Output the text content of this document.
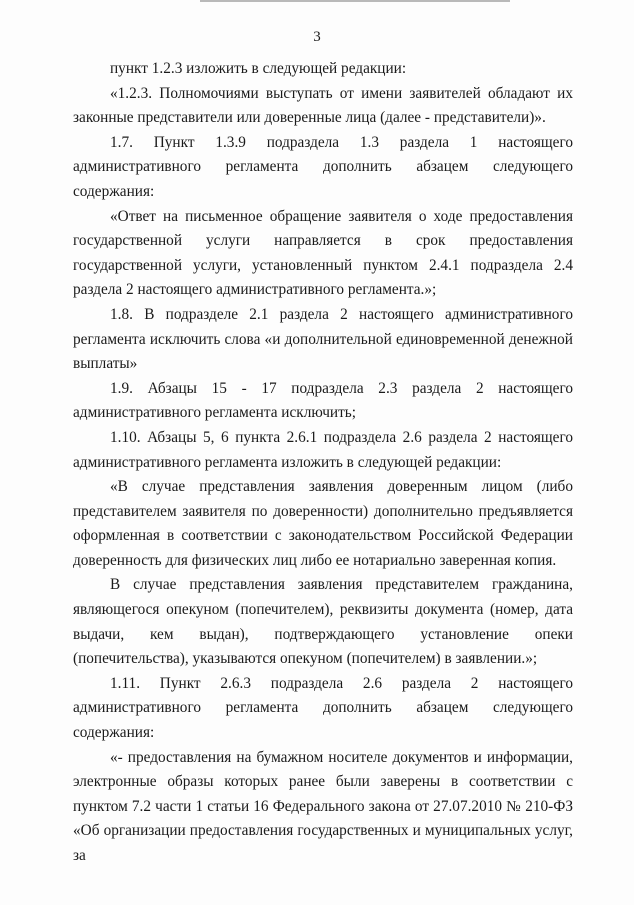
3

пункт 1.2.3 изложить в следующей редакции:

«1.2.3. Полномочиями выступать от имени заявителей обладают их законные представители или доверенные лица (далее - представители)».

1.7. Пункт 1.3.9 подраздела 1.3 раздела 1 настоящего административного регламента дополнить абзацем следующего содержания:

«Ответ на письменное обращение заявителя о ходе предоставления государственной услуги направляется в срок предоставления государственной услуги, установленный пунктом 2.4.1 подраздела 2.4 раздела 2 настоящего административного регламента.»;

1.8. В подразделе 2.1 раздела 2 настоящего административного регламента исключить слова «и дополнительной единовременной денежной выплаты»

1.9. Абзацы 15 - 17 подраздела 2.3 раздела 2 настоящего административного регламента исключить;

1.10. Абзацы 5, 6 пункта 2.6.1 подраздела 2.6 раздела 2 настоящего административного регламента изложить в следующей редакции:

«В случае представления заявления доверенным лицом (либо представителем заявителя по доверенности) дополнительно предъявляется оформленная в соответствии с законодательством Российской Федерации доверенность для физических лиц либо ее нотариально заверенная копия.

В случае представления заявления представителем гражданина, являющегося опекуном (попечителем), реквизиты документа (номер, дата выдачи, кем выдан), подтверждающего установление опеки (попечительства), указываются опекуном (попечителем) в заявлении.»;

1.11. Пункт 2.6.3 подраздела 2.6 раздела 2 настоящего административного регламента дополнить абзацем следующего содержания:

«- предоставления на бумажном носителе документов и информации, электронные образы которых ранее были заверены в соответствии с пунктом 7.2 части 1 статьи 16 Федерального закона от 27.07.2010 № 210-ФЗ «Об организации предоставления государственных и муниципальных услуг, за
